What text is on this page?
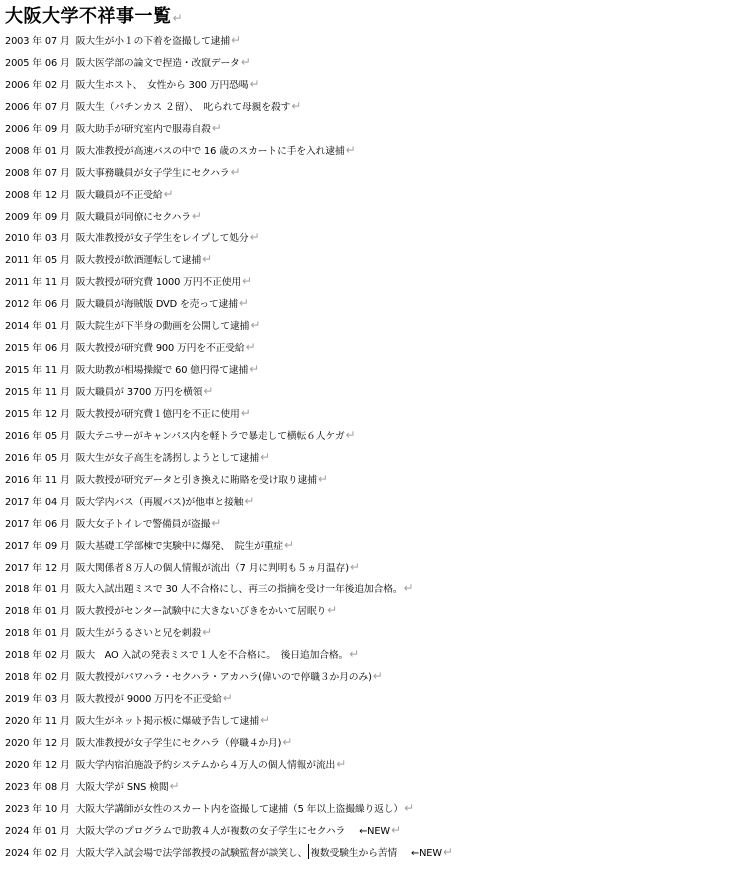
大阪大学不祥事一覧↵
2003 年 07 月 阪大生が小１の下着を盗撮して逮捕↵
2005 年 06 月 阪大医学部の論文で捏造・改竄データ↵
2006 年 02 月 阪大生ホスト、　女性から 300 万円恐喝↵
2006 年 07 月 阪大生（パチンカス ２留）、　叱られて母親を殺す↵
2006 年 09 月 阪大助手が研究室内で服毒自殺↵
2008 年 01 月 阪大准教授が高速バスの中で 16 歳のスカートに手を入れ逮捕↵
2008 年 07 月 阪大事務職員が女子学生にセクハラ↵
2008 年 12 月 阪大職員が不正受給↵
2009 年 09 月 阪大職員が同僚にセクハラ↵
2010 年 03 月 阪大准教授が女子学生をレイプして処分↵
2011 年 05 月 阪大教授が飲酒運転して逮捕↵
2011 年 11 月 阪大教授が研究費 1000 万円不正使用↵
2012 年 06 月 阪大職員が海賊版 DVD を売って逮捕↵
2014 年 01 月 阪大院生が下半身の動画を公開して逮捕↵
2015 年 06 月 阪大教授が研究費 900 万円を不正受給↵
2015 年 11 月 阪大助教が相場操縦で 60 億円得て逮捕↵
2015 年 11 月 阪大職員が 3700 万円を横領↵
2015 年 12 月 阪大教授が研究費１億円を不正に使用↵
2016 年 05 月 阪大テニサーがキャンパス内を軽トラで暴走して横転６人ケガ↵
2016 年 05 月 阪大生が女子高生を誘拐しようとして逮捕↵
2016 年 11 月 阪大教授が研究データと引き換えに賄賂を受け取り逮捕↵
2017 年 04 月 阪大学内バス（再履バス)が他車と接触↵
2017 年 06 月 阪大女子トイレで警備員が盗撮↵
2017 年 09 月 阪大基礎工学部棟で実験中に爆発、　院生が重症↵
2017 年 12 月 阪大関係者８万人の個人情報が流出（7 月に判明も５ヵ月温存)↵
2018 年 01 月 阪大入試出題ミスで 30 人不合格にし、再三の指摘を受け一年後追加合格。↵
2018 年 01 月 阪大教授がセンター試験中に大きないびきをかいて居眠り↵
2018 年 01 月 阪大生がうるさいと兄を刺殺↵
2018 年 02 月 阪大　AO 入試の発表ミスで１人を不合格に。　後日追加合格。↵
2018 年 02 月 阪大教授がパワハラ・セクハラ・アカハラ(偉いので停職３か月のみ)↵
2019 年 03 月 阪大教授が 9000 万円を不正受給↵
2020 年 11 月 阪大生がネット掲示板に爆破予告して逮捕↵
2020 年 12 月 阪大准教授が女子学生にセクハラ（停職４か月)↵
2020 年 12 月 阪大学内宿泊施設予約システムから４万人の個人情報が流出↵
2023 年 08 月 大阪大学が SNS 検閲↵
2023 年 10 月 大阪大学講師が女性のスカート内を盗撮して逮捕（5 年以上盗撮繰り返し）↵
2024 年 01 月 大阪大学のプログラムで助教４人が複数の女子学生にセクハラ ←NEW↵
2024 年 02 月 大阪大学入試会場で法学部教授の試験監督が談笑し、 複数受験生から苦情 ←NEW↵
